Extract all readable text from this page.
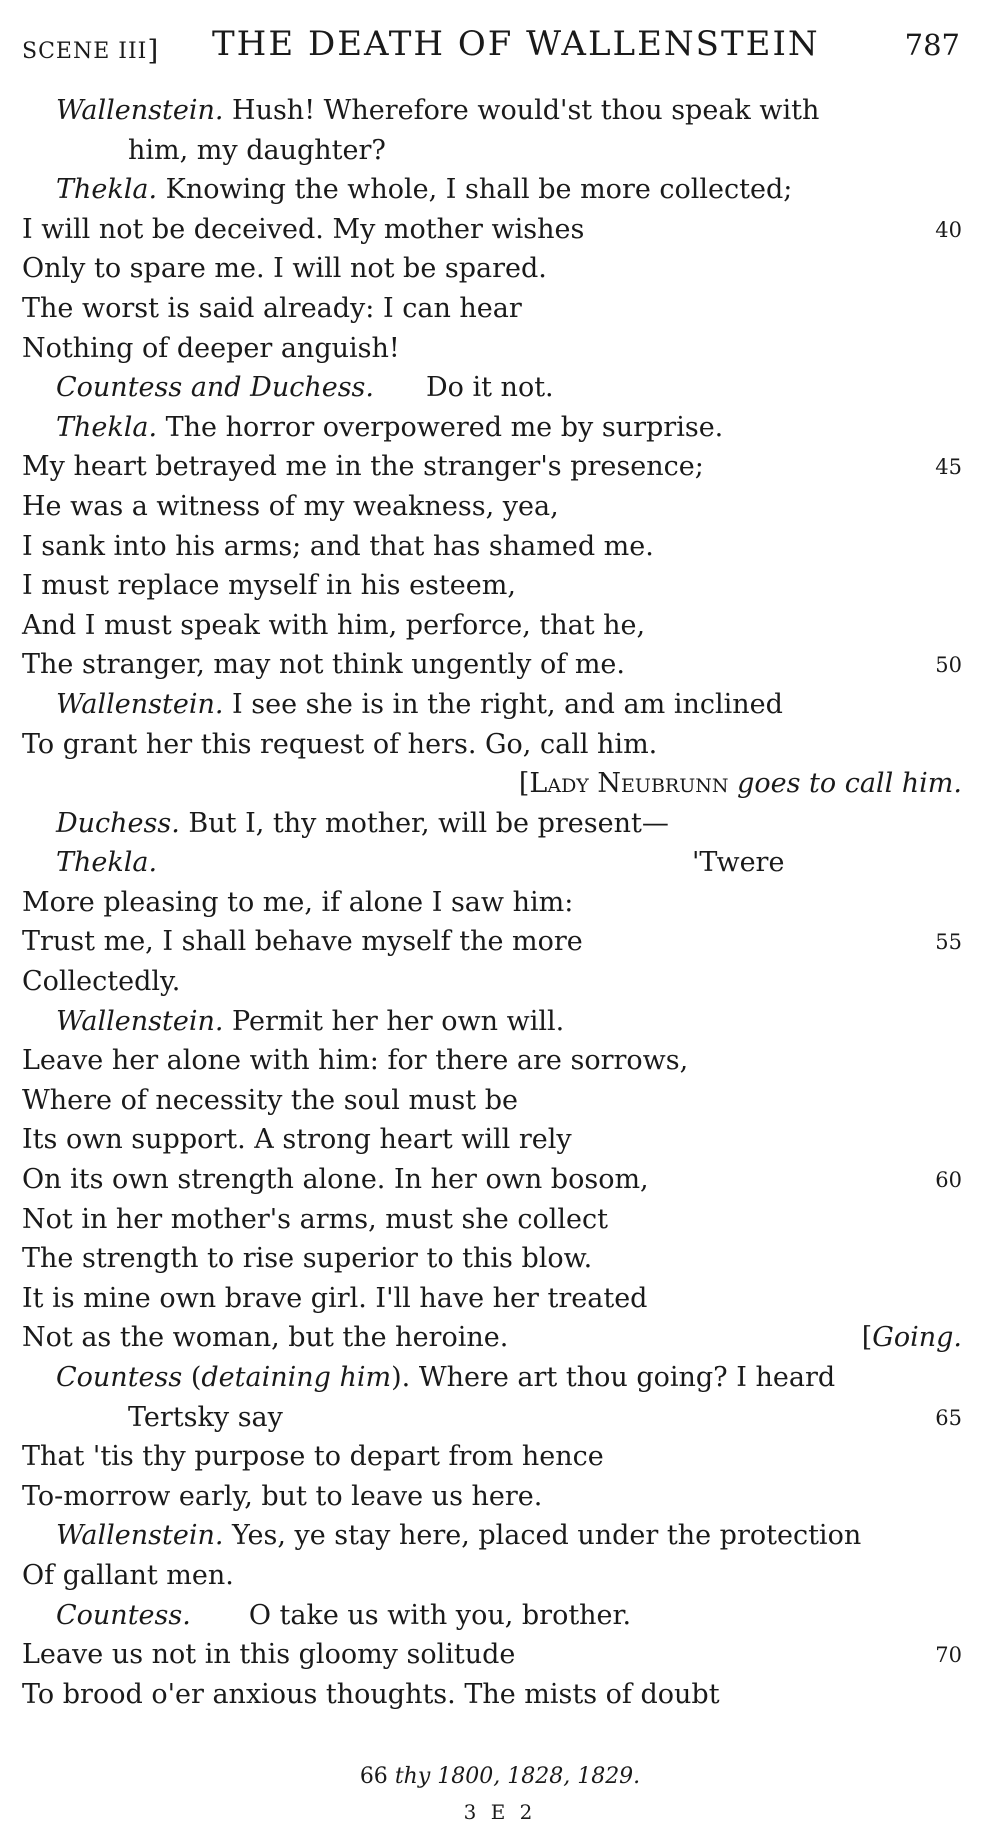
SCENE III] THE DEATH OF WALLENSTEIN	787
Wallenstein. Hush! Wherefore would'st thou speak with
him, my daughter?
Thekla. Knowing the whole, I shall be more collected;
I will not be deceived. My mother wishes	40
Only to spare me. I will not be spared.
The worst is said already: I can hear
Nothing of deeper anguish!
Countess and Duchess. Do it not.
Thekla. The horror overpowered me by surprise.
My heart betrayed me in the stranger's presence;	45
He was a witness of my weakness, yea,
I sank into his arms; and that has shamed me.
I must replace myself in his esteem,
And I must speak with him, perforce, that he,
The stranger, may not think ungently of me.	50
Wallenstein. I see she is in the right, and am inclined
To grant her this request of hers. Go, call him.
[Lady Neubrunn goes to call him.
Duchess. But I, thy mother, will be present—
Thekla.	'Twere
More pleasing to me, if alone I saw him:
Trust me, I shall behave myself the more	55
Collectedly.
Wallenstein. Permit her her own will.
Leave her alone with him: for there are sorrows,
Where of necessity the soul must be
Its own support. A strong heart will rely
On its own strength alone. In her own bosom,	60
Not in her mother's arms, must she collect
The strength to rise superior to this blow.
It is mine own brave girl. I'll have her treated
Not as the woman, but the heroine.	[Going.
Countess (detaining him). Where art thou going? I heard
Tertsky say	65
That 'tis thy purpose to depart from hence
To-morrow early, but to leave us here.
Wallenstein. Yes, ye stay here, placed under the protection
Of gallant men.
Countess. O take us with you, brother.
Leave us not in this gloomy solitude	70
To brood o'er anxious thoughts. The mists of doubt
66 thy 1800, 1828, 1829.
3 E 2
